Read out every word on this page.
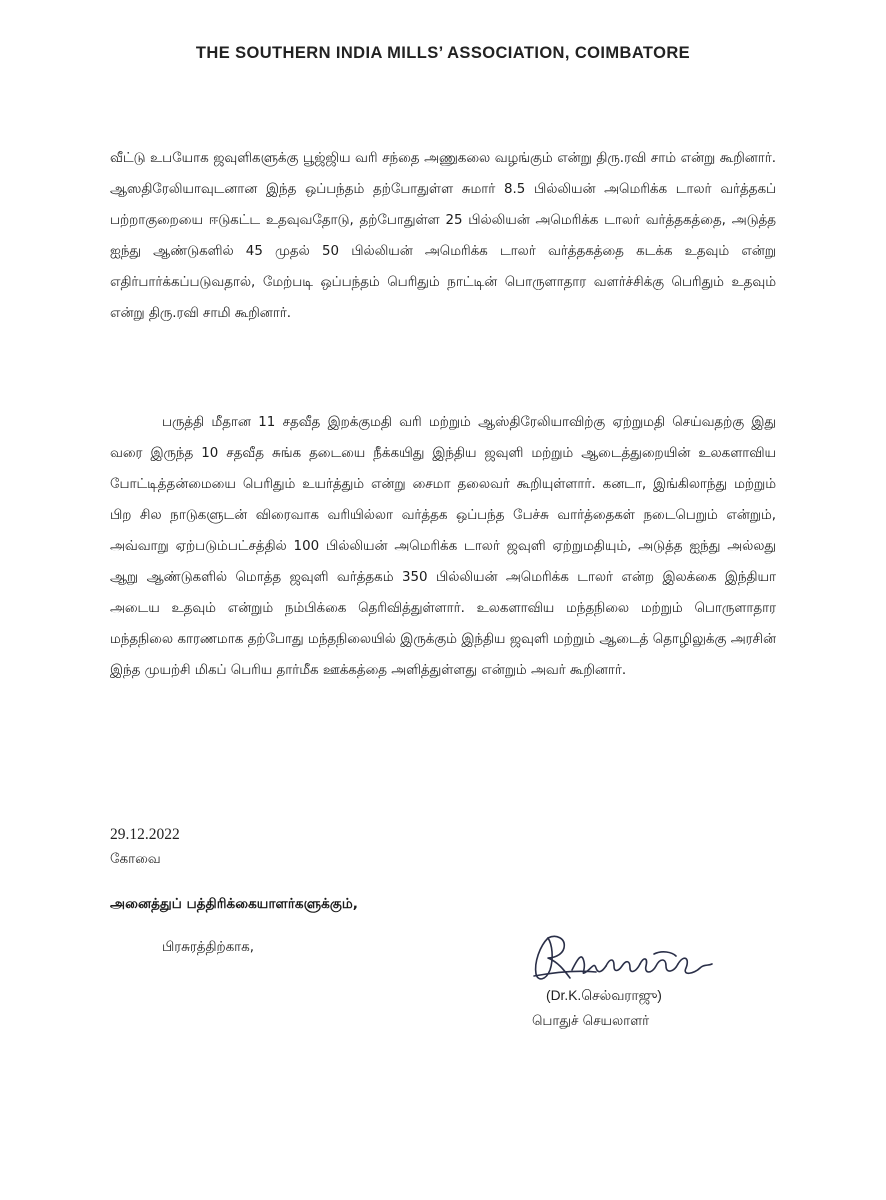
THE SOUTHERN INDIA MILLS’ ASSOCIATION, COIMBATORE

வீட்டு உபயோக ஜவுளிகளுக்கு பூஜ்ஜிய வரி சந்தை அணுகலை வழங்கும் என்று திரு.ரவி சாம் என்று கூறினார். ஆஸதிரேலியாவுடனான இந்த ஒப்பந்தம் தற்போதுள்ள சுமார் 8.5 பில்லியன் அமெரிக்க டாலர் வர்த்தகப் பற்றாகுறையை ஈடுகட்ட உதவுவதோடு, தற்போதுள்ள 25 பில்லியன் அமெரிக்க டாலர் வர்த்தகத்தை, அடுத்த ஐந்து ஆண்டுகளில் 45 முதல் 50 பில்லியன் அமெரிக்க டாலர் வர்த்தகத்தை கடக்க உதவும் என்று எதிர்பார்க்கப்படுவதால், மேற்படி ஒப்பந்தம் பெரிதும் நாட்டின் பொருளாதார வளர்ச்சிக்கு பெரிதும் உதவும் என்று திரு.ரவி சாமி கூறினார்.

பருத்தி மீதான 11 சதவீத இறக்குமதி வரி மற்றும் ஆஸ்திரேலியாவிற்கு ஏற்றுமதி செய்வதற்கு இது வரை இருந்த 10 சதவீத சுங்க தடையை நீக்கயிது இந்திய ஜவுளி மற்றும் ஆடைத்துறையின் உலகளாவிய போட்டித்தன்மையை பெரிதும் உயர்த்தும் என்று சைமா தலைவர் கூறியுள்ளார். கனடா, இங்கிலாந்து மற்றும் பிற சில நாடுகளுடன் விரைவாக வரியில்லா வர்த்தக ஒப்பந்த பேச்சு வார்த்தைகள் நடைபெறும் என்றும், அவ்வாறு ஏற்படும்பட்சத்தில் 100 பில்லியன் அமெரிக்க டாலர் ஜவுளி ஏற்றுமதியும், அடுத்த ஐந்து அல்லது ஆறு ஆண்டுகளில் மொத்த ஜவுளி வர்த்தகம் 350 பில்லியன் அமெரிக்க டாலர் என்ற இலக்கை இந்தியா அடைய உதவும் என்றும் நம்பிக்கை தெரிவித்துள்ளார். உலகளாவிய மந்தநிலை மற்றும் பொருளாதார மந்தநிலை காரணமாக தற்போது மந்தநிலையில் இருக்கும் இந்திய ஜவுளி மற்றும் ஆடைத் தொழிலுக்கு அரசின் இந்த முயற்சி மிகப் பெரிய தார்மீக ஊக்கத்தை அளித்துள்ளது என்றும் அவர் கூறினார்.

29.12.2022
கோவை
அனைத்துப் பத்திரிக்கையாளர்களுக்கும்,
பிரசுரத்திற்காக,
(Dr.K.செல்வராஜு)
பொதுச் செயலாளர்
